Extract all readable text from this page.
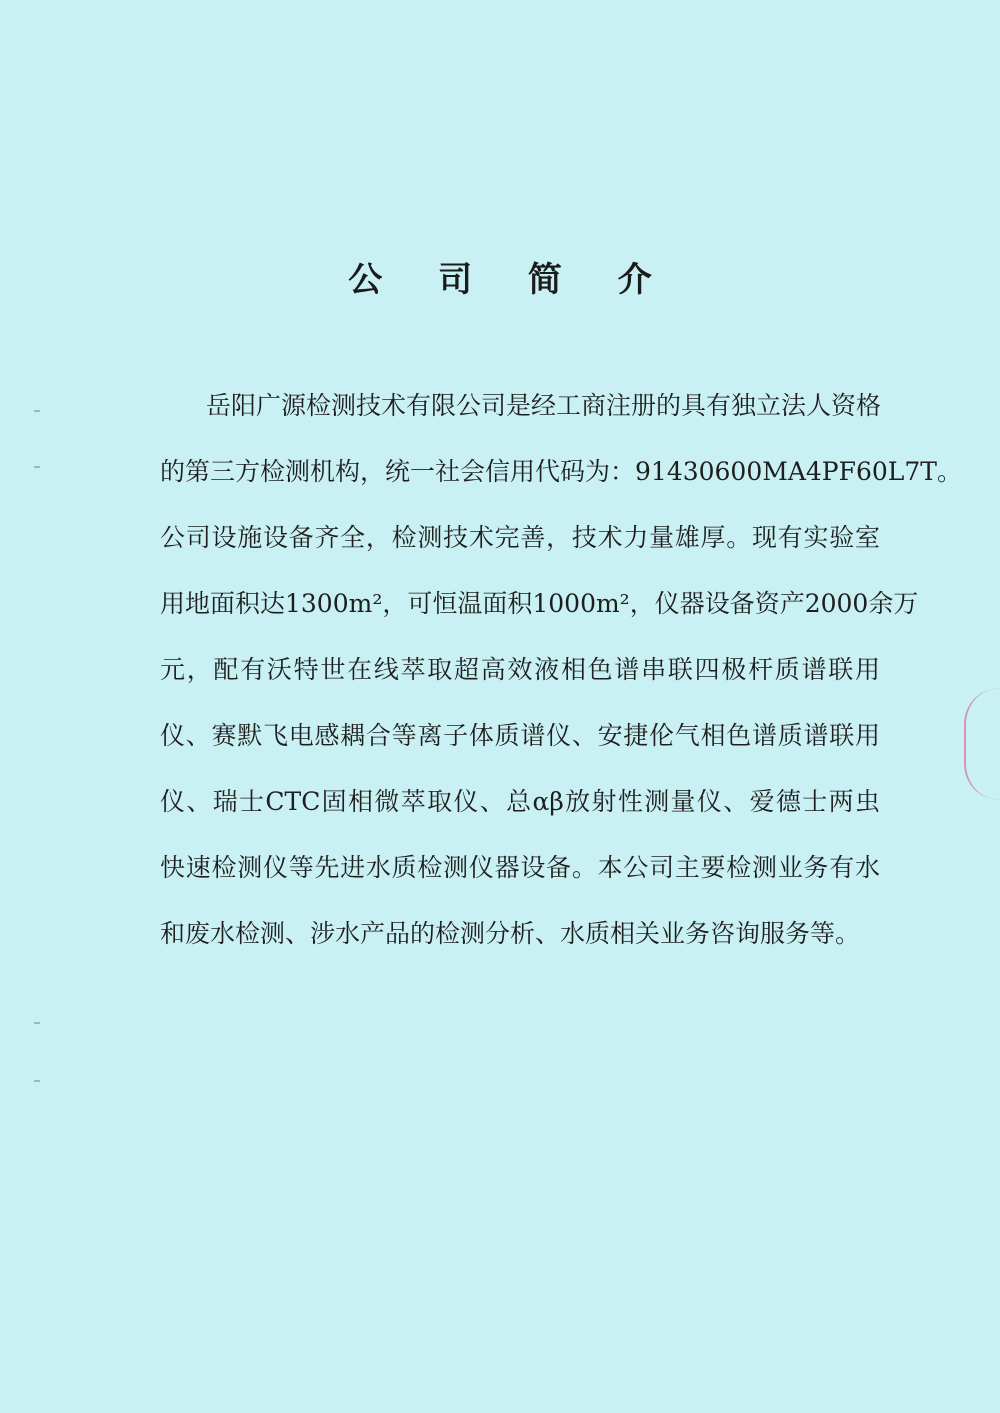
公 司 简 介
岳阳广源检测技术有限公司是经工商注册的具有独立法人资格
的第三方检测机构，统一社会信用代码为：91430600MA4PF60L7T。
公司设施设备齐全，检测技术完善，技术力量雄厚。现有实验室
用地面积达1300m²，可恒温面积1000m²，仪器设备资产2000余万
元，配有沃特世在线萃取超高效液相色谱串联四极杆质谱联用
仪、赛默飞电感耦合等离子体质谱仪、安捷伦气相色谱质谱联用
仪、瑞士CTC固相微萃取仪、总αβ放射性测量仪、爱德士两虫
快速检测仪等先进水质检测仪器设备。本公司主要检测业务有水
和废水检测、涉水产品的检测分析、水质相关业务咨询服务等。
